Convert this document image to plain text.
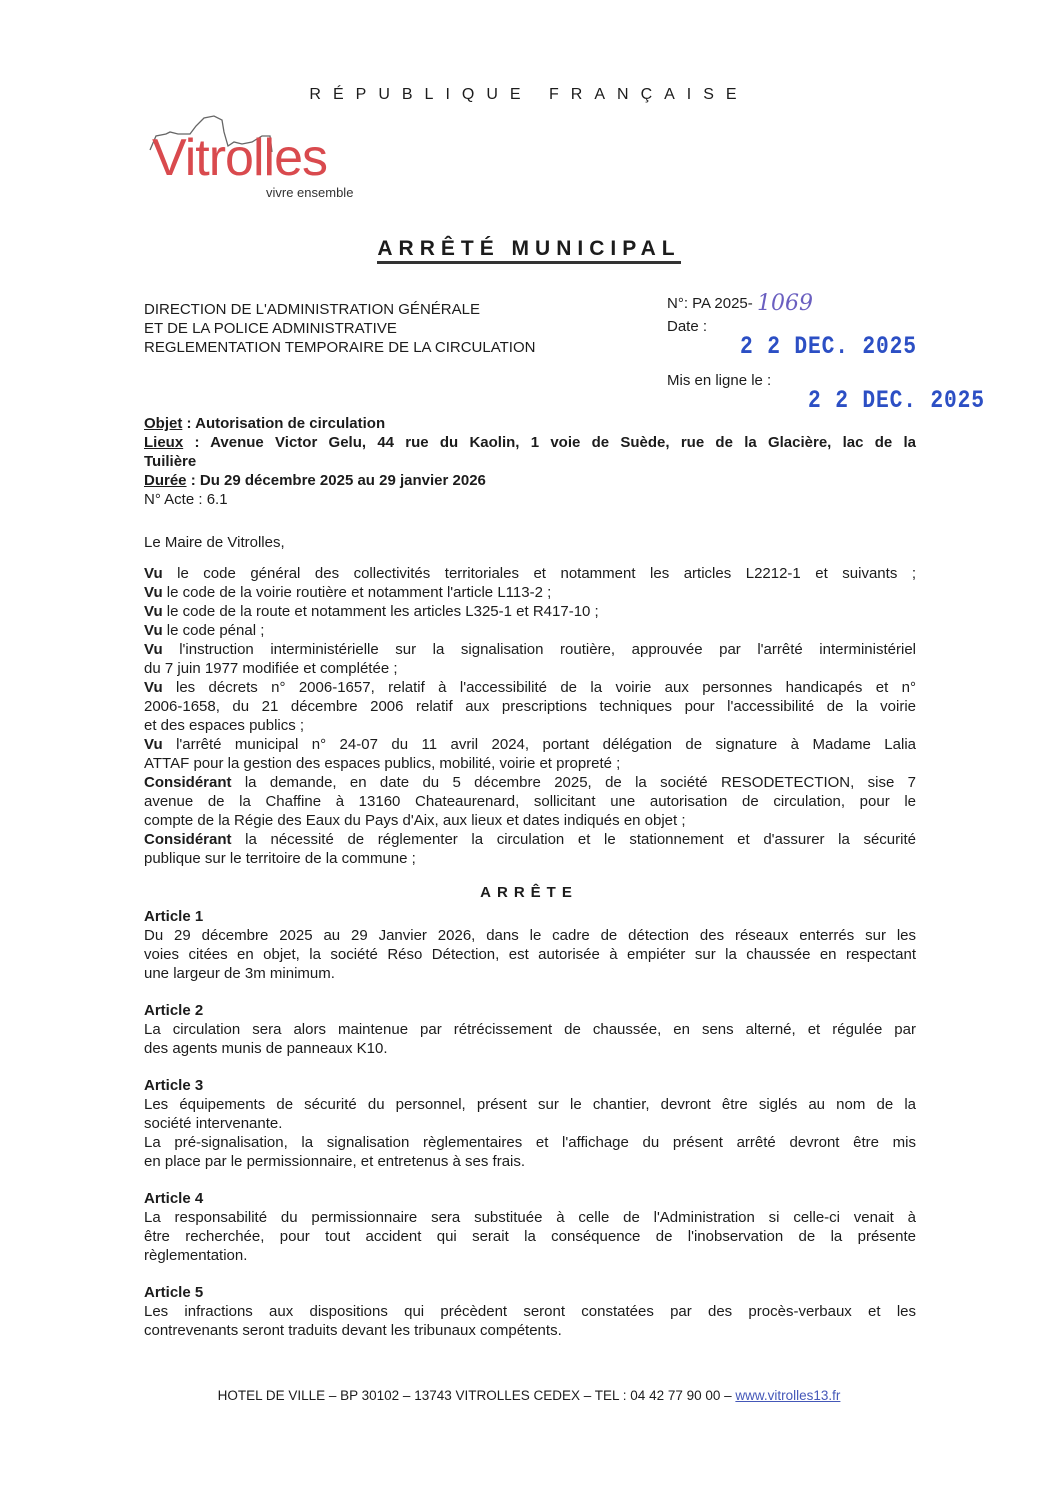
RÉPUBLIQUE FRANÇAISE
Vitrolles
vivre ensemble
ARRÊTÉ MUNICIPAL
DIRECTION DE L'ADMINISTRATION GÉNÉRALE
ET DE LA POLICE ADMINISTRATIVE
REGLEMENTATION TEMPORAIRE DE LA CIRCULATION
N°: PA 2025- 1069
Date :
2 2 DEC. 2025
Mis en ligne le :
2 2 DEC. 2025
Objet : Autorisation de circulation
Lieux : Avenue Victor Gelu, 44 rue du Kaolin, 1 voie de Suède, rue de la Glacière, lac de la
Tuilière
Durée : Du 29 décembre 2025 au 29 janvier 2026
N° Acte : 6.1
Le Maire de Vitrolles,
Vu le code général des collectivités territoriales et notamment les articles L2212-1 et suivants ;
Vu le code de la voirie routière et notamment l'article L113-2 ;
Vu le code de la route et notamment les articles L325-1 et R417-10 ;
Vu le code pénal ;
Vu l'instruction interministérielle sur la signalisation routière, approuvée par l'arrêté interministériel
du 7 juin 1977 modifiée et complétée ;
Vu les décrets n° 2006-1657, relatif à l'accessibilité de la voirie aux personnes handicapés et n°
2006-1658, du 21 décembre 2006 relatif aux prescriptions techniques pour l'accessibilité de la voirie
et des espaces publics ;
Vu l'arrêté municipal n° 24-07 du 11 avril 2024, portant délégation de signature à Madame Lalia
ATTAF pour la gestion des espaces publics, mobilité, voirie et propreté ;
Considérant la demande, en date du 5 décembre 2025, de la société RESODETECTION, sise 7
avenue de la Chaffine à 13160 Chateaurenard, sollicitant une autorisation de circulation, pour le
compte de la Régie des Eaux du Pays d'Aix, aux lieux et dates indiqués en objet ;
Considérant la nécessité de réglementer la circulation et le stationnement et d'assurer la sécurité
publique sur le territoire de la commune ;
ARRÊTE
Article 1
Du 29 décembre 2025 au 29 Janvier 2026, dans le cadre de détection des réseaux enterrés sur les
voies citées en objet, la société Réso Détection, est autorisée à empiéter sur la chaussée en respectant
une largeur de 3m minimum.
Article 2
La circulation sera alors maintenue par rétrécissement de chaussée, en sens alterné, et régulée par
des agents munis de panneaux K10.
Article 3
Les équipements de sécurité du personnel, présent sur le chantier, devront être siglés au nom de la
société intervenante.
La pré-signalisation, la signalisation règlementaires et l'affichage du présent arrêté devront être mis
en place par le permissionnaire, et entretenus à ses frais.
Article 4
La responsabilité du permissionnaire sera substituée à celle de l'Administration si celle-ci venait à
être recherchée, pour tout accident qui serait la conséquence de l'inobservation de la présente
règlementation.
Article 5
Les infractions aux dispositions qui précèdent seront constatées par des procès-verbaux et les
contrevenants seront traduits devant les tribunaux compétents.
HOTEL DE VILLE – BP 30102 – 13743 VITROLLES CEDEX – TEL : 04 42 77 90 00 – www.vitrolles13.fr
